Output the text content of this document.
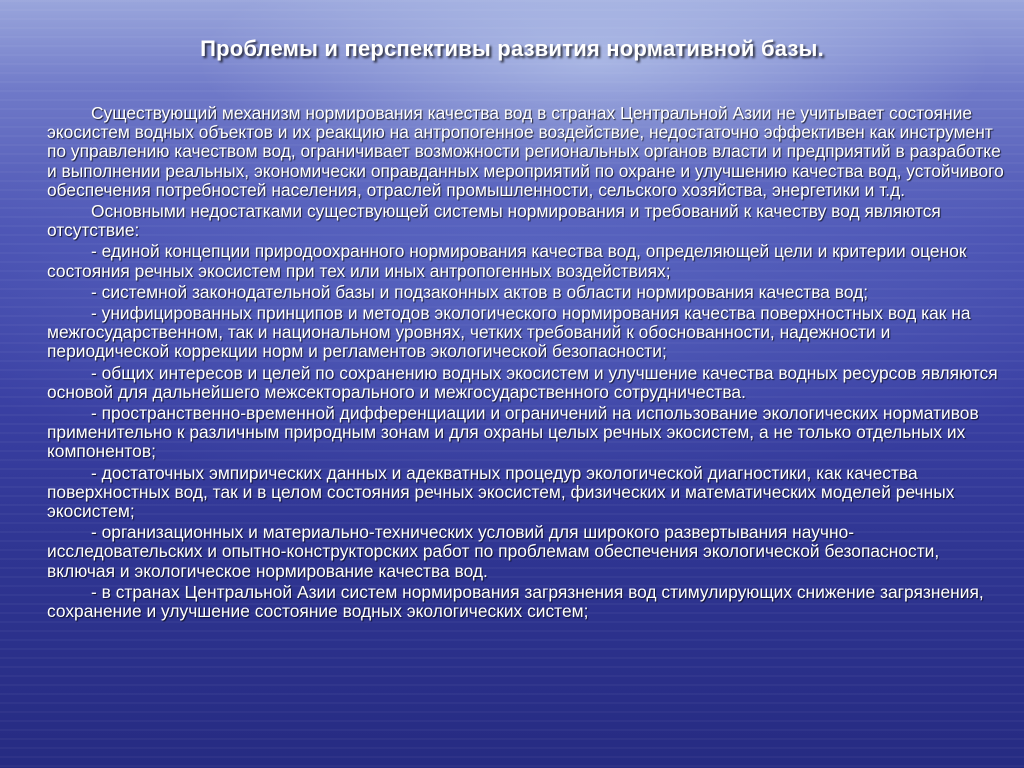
Проблемы и перспективы развития нормативной базы.

Существующий механизм нормирования качества вод в странах Центральной Азии не учитывает состояние экосистем водных объектов и их реакцию на антропогенное воздействие, недостаточно эффективен как инструмент по управлению качеством вод, ограничивает возможности региональных органов власти и предприятий в разработке и выполнении реальных, экономически оправданных мероприятий по охране и улучшению качества вод, устойчивого обеспечения потребностей населения, отраслей промышленности, сельского хозяйства, энергетики и т.д.

Основными недостатками существующей системы нормирования и требований к качеству вод являются отсутствие:

- единой концепции природоохранного нормирования качества вод, определяющей цели и критерии оценок состояния речных экосистем при тех или иных антропогенных воздействиях;

- системной законодательной базы и подзаконных актов в области нормирования качества вод;

- унифицированных принципов и методов экологического нормирования качества поверхностных вод как на межгосударственном, так и национальном уровнях, четких требований к обоснованности, надежности и периодической коррекции норм и регламентов экологической безопасности;

- общих интересов и целей по сохранению водных экосистем и улучшение качества водных ресурсов являются основой для дальнейшего межсекторального и межгосударственного сотрудничества.

- пространственно-временной дифференциации и ограничений на использование экологических нормативов применительно к различным природным зонам и для охраны целых речных экосистем, а не только отдельных их компонентов;

- достаточных эмпирических данных и адекватных процедур экологической диагностики, как качества поверхностных вод, так и в целом состояния речных экосистем, физических и математических моделей речных экосистем;

- организационных и материально-технических условий для широкого развертывания научно-исследовательских и опытно-конструкторских работ по проблемам обеспечения экологической безопасности, включая и экологическое нормирование качества вод.

- в странах Центральной Азии систем нормирования загрязнения вод стимулирующих снижение загрязнения, сохранение и улучшение состояние водных экологических систем;
